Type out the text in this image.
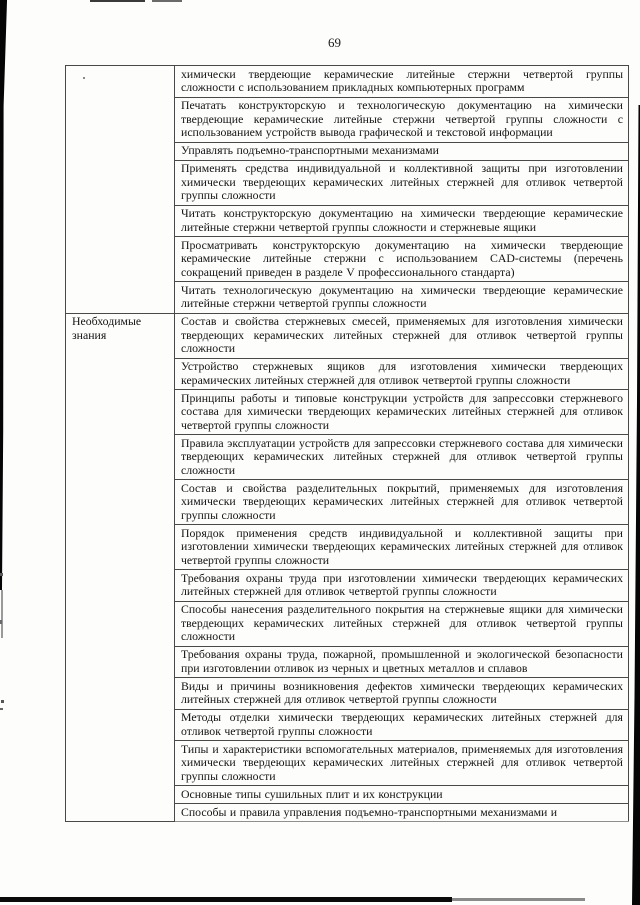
69
	химически твердеющие керамические литейные стержни четвертой группы сложности с использованием прикладных компьютерных программ
	Печатать конструкторскую и технологическую документацию на химически твердеющие керамические литейные стержни четвертой группы сложности с использованием устройств вывода графической и текстовой информации
	Управлять подъемно-транспортными механизмами
	Применять средства индивидуальной и коллективной защиты при изготовлении химически твердеющих керамических литейных стержней для отливок четвертой группы сложности
	Читать конструкторскую документацию на химически твердеющие керамические литейные стержни четвертой группы сложности и стержневые ящики
	Просматривать конструкторскую документацию на химически твердеющие керамические литейные стержни с использованием CAD-системы (перечень сокращений приведен в разделе V профессионального стандарта)
	Читать технологическую документацию на химически твердеющие керамические литейные стержни четвертой группы сложности
Необходимые знания	Состав и свойства стержневых смесей, применяемых для изготовления химически твердеющих керамических литейных стержней для отливок четвертой группы сложности
	Устройство стержневых ящиков для изготовления химически твердеющих керамических литейных стержней для отливок четвертой группы сложности
	Принципы работы и типовые конструкции устройств для запрессовки стержневого состава для химически твердеющих керамических литейных стержней для отливок четвертой группы сложности
	Правила эксплуатации устройств для запрессовки стержневого состава для химически твердеющих керамических литейных стержней для отливок четвертой группы сложности
	Состав и свойства разделительных покрытий, применяемых для изготовления химически твердеющих керамических литейных стержней для отливок четвертой группы сложности
	Порядок применения средств индивидуальной и коллективной защиты при изготовлении химически твердеющих керамических литейных стержней для отливок четвертой группы сложности
	Требования охраны труда при изготовлении химически твердеющих керамических литейных стержней для отливок четвертой группы сложности
	Способы нанесения разделительного покрытия на стержневые ящики для химически твердеющих керамических литейных стержней для отливок четвертой группы сложности
	Требования охраны труда, пожарной, промышленной и экологической безопасности при изготовлении отливок из черных и цветных металлов и сплавов
	Виды и причины возникновения дефектов химически твердеющих керамических литейных стержней для отливок четвертой группы сложности
	Методы отделки химически твердеющих керамических литейных стержней для отливок четвертой группы сложности
	Типы и характеристики вспомогательных материалов, применяемых для изготовления химически твердеющих керамических литейных стержней для отливок четвертой группы сложности
	Основные типы сушильных плит и их конструкции
	Способы и правила управления подъемно-транспортными механизмами и
